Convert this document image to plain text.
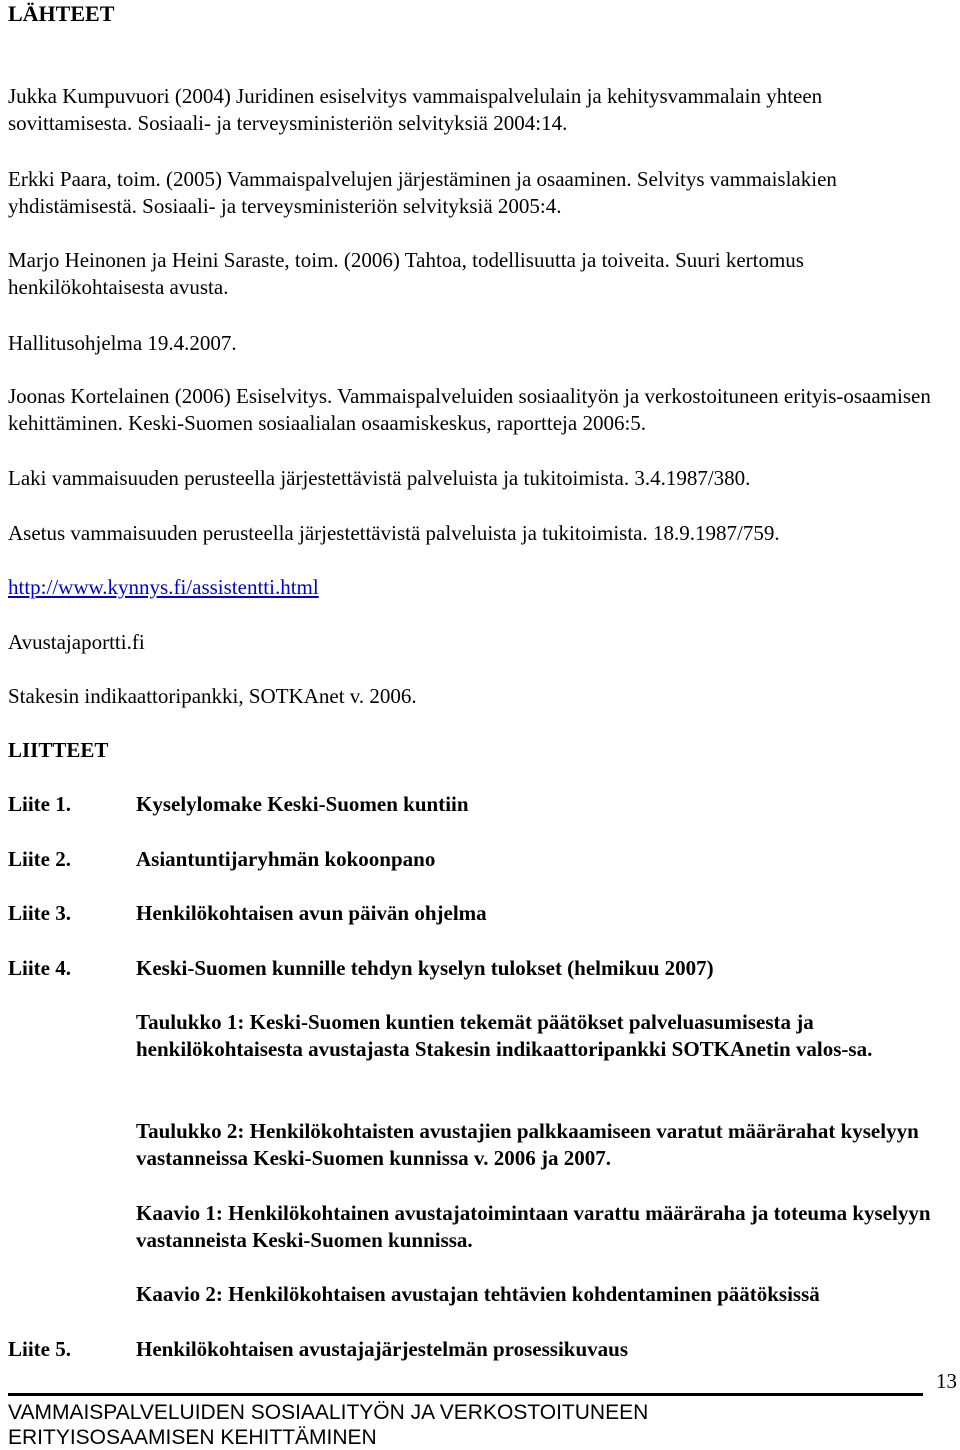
LÄHTEET

Jukka Kumpuvuori (2004) Juridinen esiselvitys vammaispalvelulain ja kehitysvammalain yhteen sovittamisesta. Sosiaali- ja terveysministeriön selvityksiä 2004:14.

Erkki Paara, toim. (2005) Vammaispalvelujen järjestäminen ja osaaminen. Selvitys vammaislakien yhdistämisestä. Sosiaali- ja terveysministeriön selvityksiä 2005:4.

Marjo Heinonen ja Heini Saraste, toim. (2006) Tahtoa, todellisuutta ja toiveita. Suuri kertomus henkilökohtaisesta avusta.

Hallitusohjelma 19.4.2007.

Joonas Kortelainen (2006) Esiselvitys. Vammaispalveluiden sosiaalityön ja verkostoituneen erityis-osaamisen kehittäminen. Keski-Suomen sosiaalialan osaamiskeskus, raportteja 2006:5.

Laki vammaisuuden perusteella järjestettävistä palveluista ja tukitoimista. 3.4.1987/380.

Asetus vammaisuuden perusteella järjestettävistä palveluista ja tukitoimista. 18.9.1987/759.

http://www.kynnys.fi/assistentti.html

Avustajaportti.fi

Stakesin indikaattoripankki, SOTKAnet v. 2006.

LIITTEET

Liite 1.	Kyselylomake Keski-Suomen kuntiin

Liite 2.	Asiantuntijaryhmän kokoonpano

Liite 3.	Henkilökohtaisen avun päivän ohjelma

Liite 4.	Keski-Suomen kunnille tehdyn kyselyn tulokset (helmikuu 2007)

Taulukko 1: Keski-Suomen kuntien tekemät päätökset palveluasumisesta ja henkilökohtaisesta avustajasta Stakesin indikaattoripankki SOTKAnetin valos-sa.

Taulukko 2: Henkilökohtaisten avustajien palkkaamiseen varatut määrärahat kyselyyn vastanneissa Keski-Suomen kunnissa v. 2006 ja 2007.

Kaavio 1: Henkilökohtainen avustajatoimintaan varattu määräraha ja toteuma kyselyyn vastanneista Keski-Suomen kunnissa.

Kaavio 2: Henkilökohtaisen avustajan tehtävien kohdentaminen päätöksissä

Liite 5.	Henkilökohtaisen avustajajärjestelmän prosessikuvaus

13

VAMMAISPALVELUIDEN SOSIAALITYÖN JA VERKOSTOITUNEEN
ERITYISOSAAMISEN KEHITTÄMINEN
